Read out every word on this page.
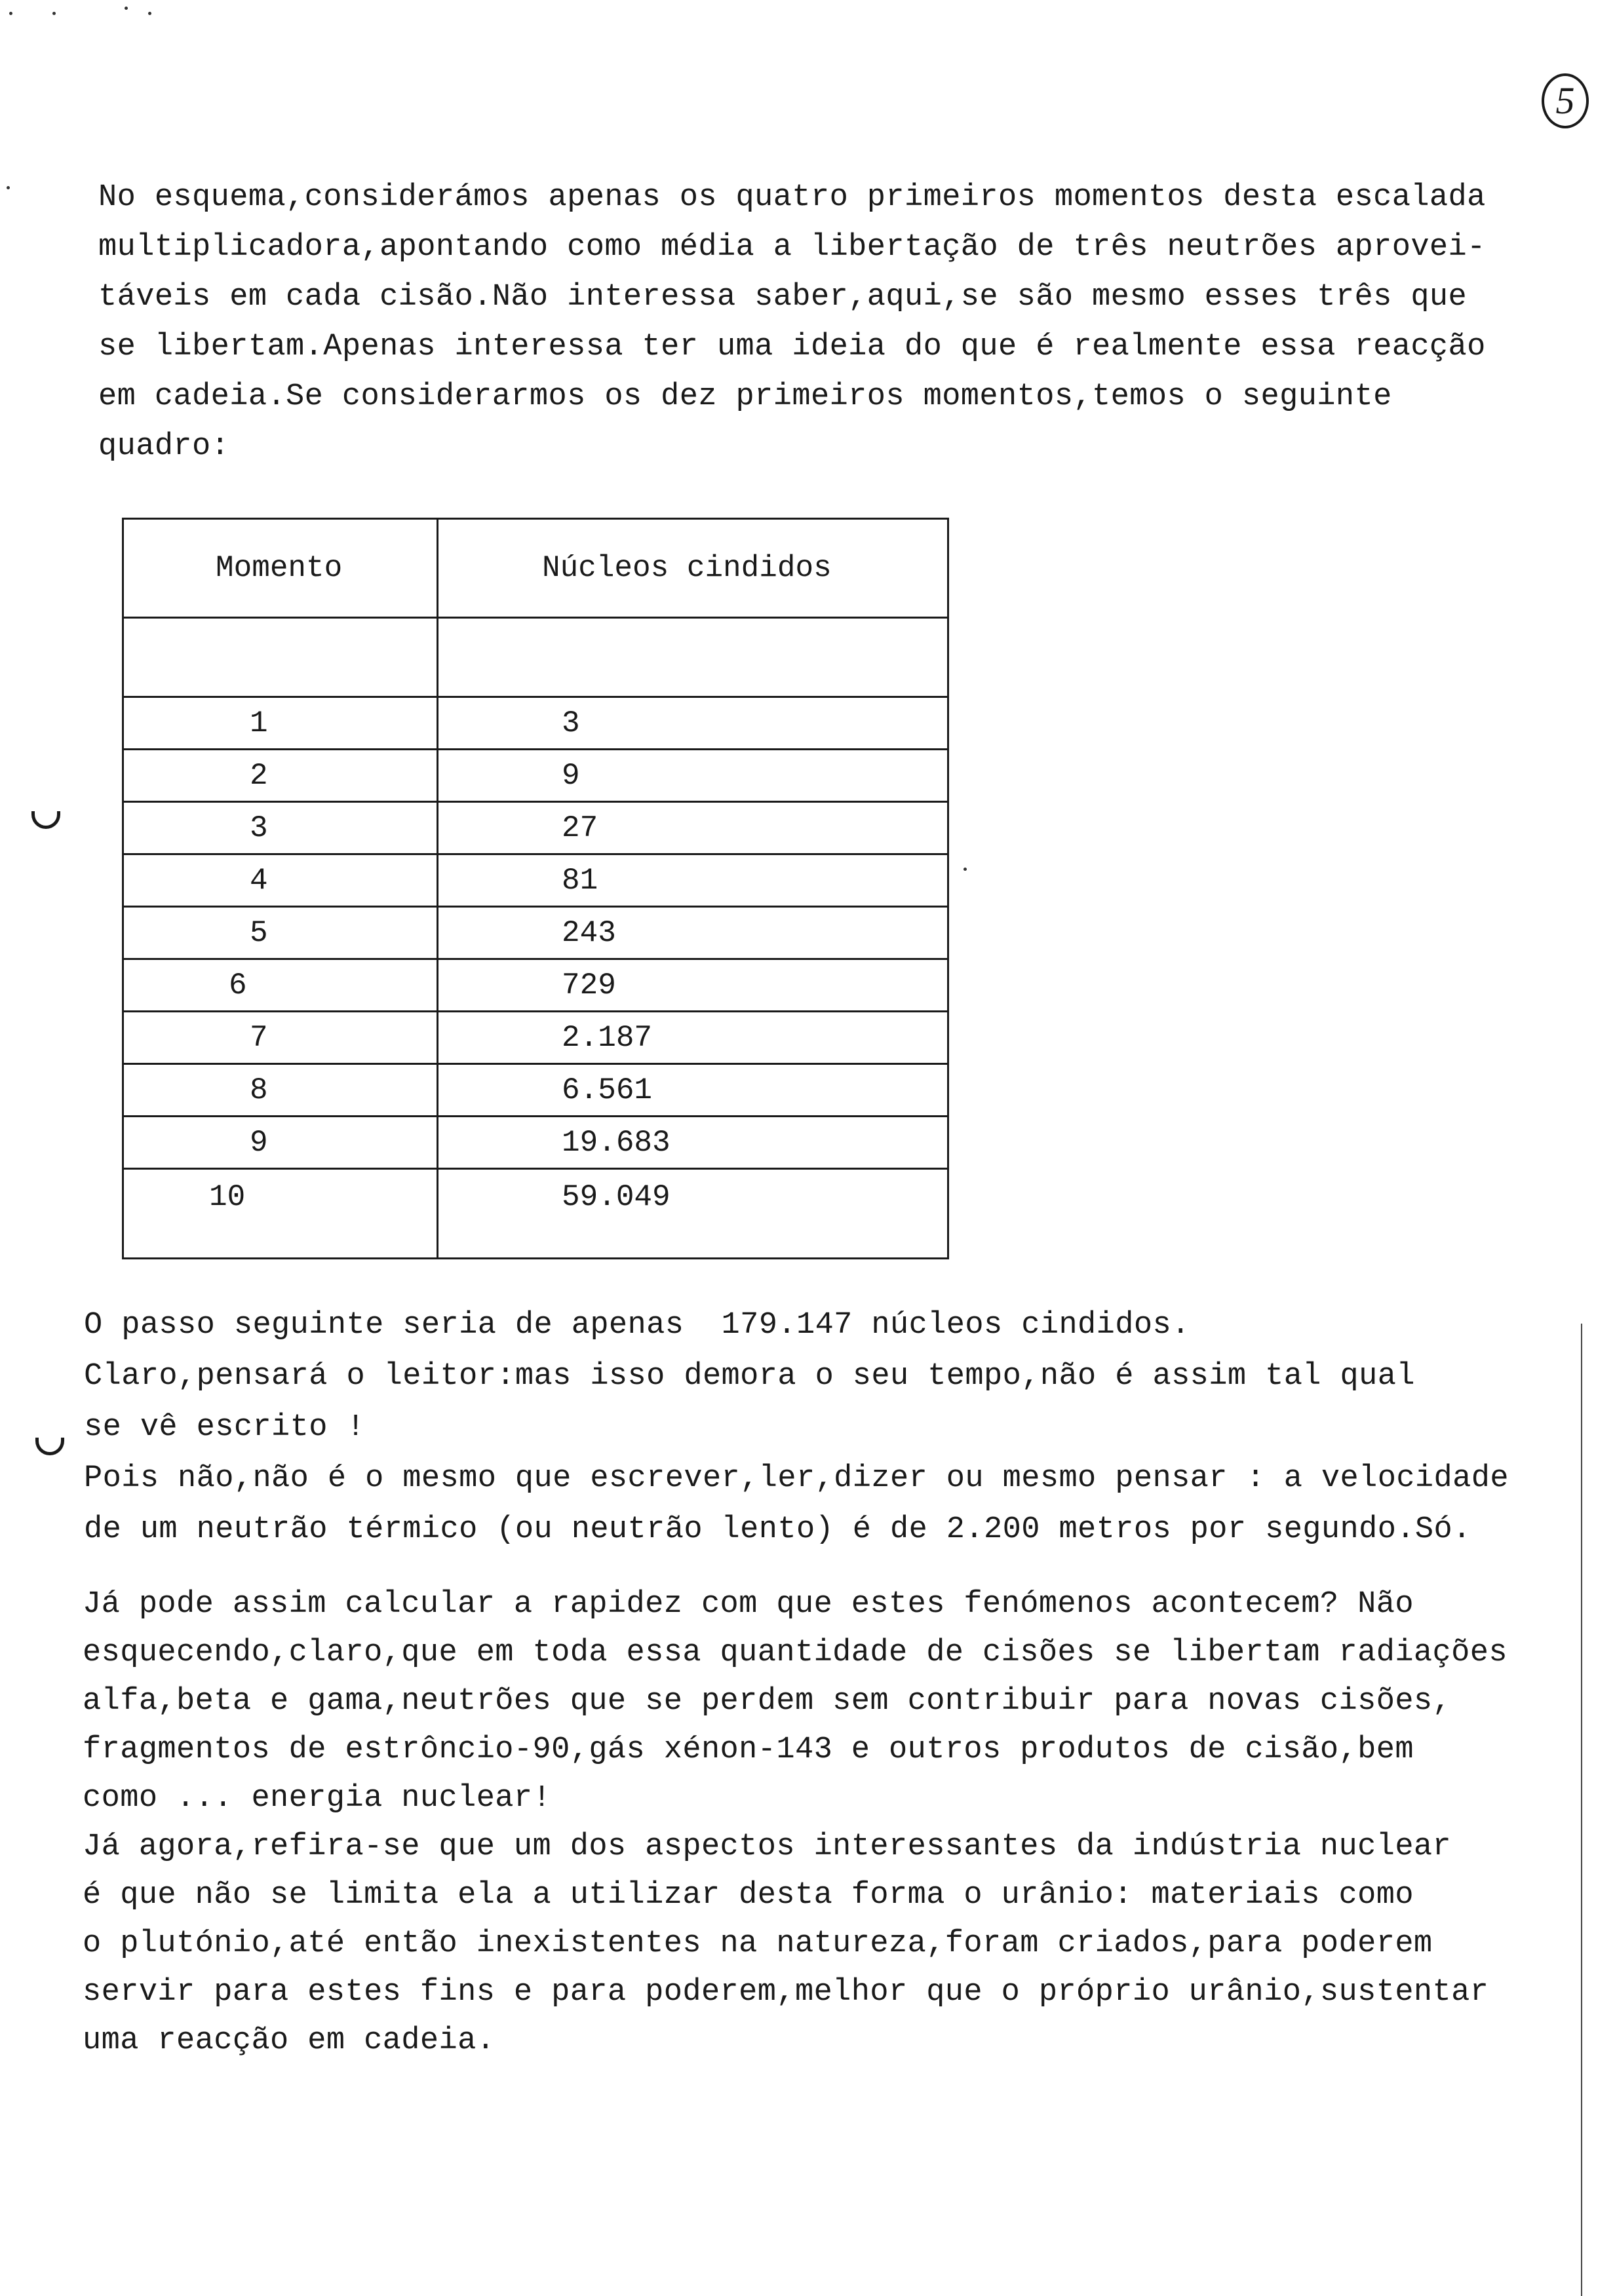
5
No esquema,considerámos apenas os quatro primeiros momentos desta escalada
multiplicadora,apontando como média a libertação de três neutrões aprovei-
táveis em cada cisão.Não interessa saber,aqui,se são mesmo esses três que
se libertam.Apenas interessa ter uma ideia do que é realmente essa reacção
em cadeia.Se considerarmos os dez primeiros momentos,temos o seguinte
quadro:
Momento	Núcleos cindidos

1	3
2	9
3	27
4	81
5	243
6	729
7	2.187
8	6.561
9	19.683
10	59.049
O passo seguinte seria de apenas  179.147 núcleos cindidos.
Claro,pensará o leitor:mas isso demora o seu tempo,não é assim tal qual
se vê escrito !
Pois não,não é o mesmo que escrever,ler,dizer ou mesmo pensar : a velocidade
de um neutrão térmico (ou neutrão lento) é de 2.200 metros por segundo.Só.
Já pode assim calcular a rapidez com que estes fenómenos acontecem? Não
esquecendo,claro,que em toda essa quantidade de cisões se libertam radiações
alfa,beta e gama,neutrões que se perdem sem contribuir para novas cisões,
fragmentos de estrôncio-90,gás xénon-143 e outros produtos de cisão,bem
como ... energia nuclear!
Já agora,refira-se que um dos aspectos interessantes da indústria nuclear
é que não se limita ela a utilizar desta forma o urânio: materiais como
o plutónio,até então inexistentes na natureza,foram criados,para poderem
servir para estes fins e para poderem,melhor que o próprio urânio,sustentar
uma reacção em cadeia.
